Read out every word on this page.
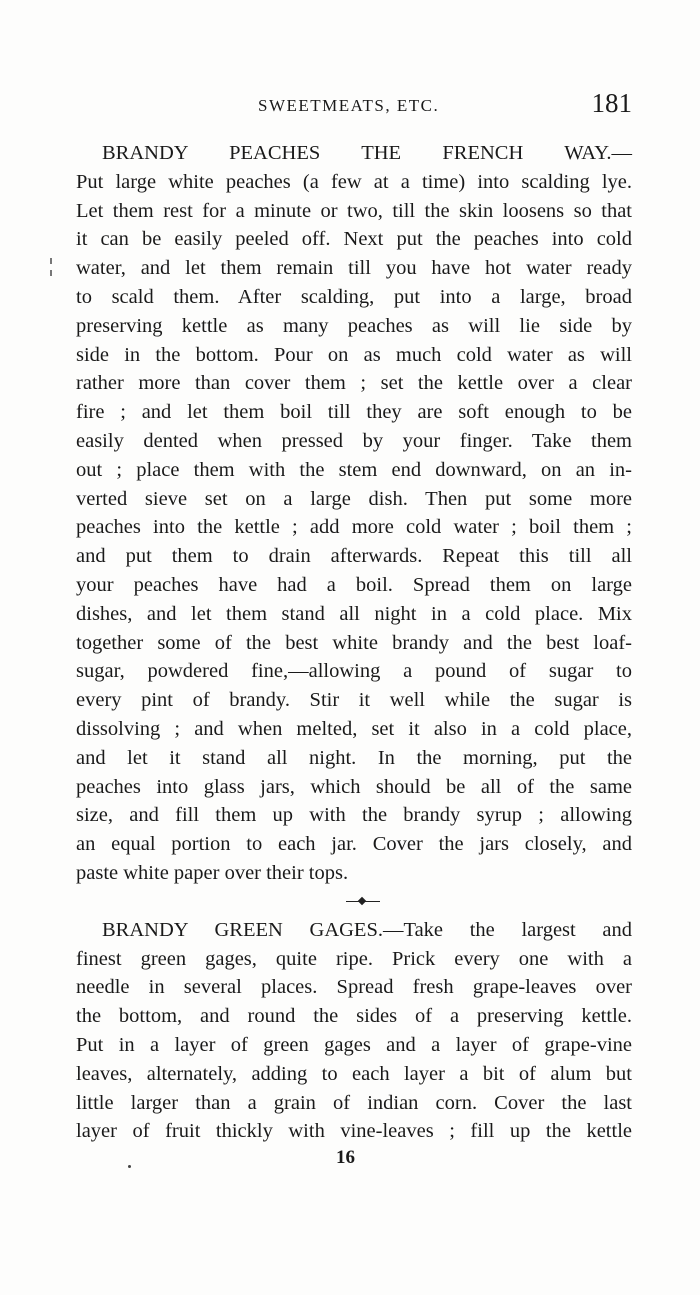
SWEETMEATS, ETC.	181
BRANDY PEACHES THE FRENCH WAY.—
Put large white peaches (a few at a time) into scalding lye.
Let them rest for a minute or two, till the skin loosens so that
it can be easily peeled off. Next put the peaches into cold
water, and let them remain till you have hot water ready
to scald them. After scalding, put into a large, broad
preserving kettle as many peaches as will lie side by
side in the bottom. Pour on as much cold water as will
rather more than cover them ; set the kettle over a clear
fire ; and let them boil till they are soft enough to be
easily dented when pressed by your finger. Take them
out ; place them with the stem end downward, on an in-
verted sieve set on a large dish. Then put some more
peaches into the kettle ; add more cold water ; boil them ;
and put them to drain afterwards. Repeat this till all
your peaches have had a boil. Spread them on large
dishes, and let them stand all night in a cold place. Mix
together some of the best white brandy and the best loaf-
sugar, powdered fine,—allowing a pound of sugar to
every pint of brandy. Stir it well while the sugar is
dissolving ; and when melted, set it also in a cold place,
and let it stand all night. In the morning, put the
peaches into glass jars, which should be all of the same
size, and fill them up with the brandy syrup ; allowing
an equal portion to each jar. Cover the jars closely, and
paste white paper over their tops.
BRANDY GREEN GAGES.—Take the largest and
finest green gages, quite ripe. Prick every one with a
needle in several places. Spread fresh grape-leaves over
the bottom, and round the sides of a preserving kettle.
Put in a layer of green gages and a layer of grape-vine
leaves, alternately, adding to each layer a bit of alum but
little larger than a grain of indian corn. Cover the last
layer of fruit thickly with vine-leaves ; fill up the kettle
16
